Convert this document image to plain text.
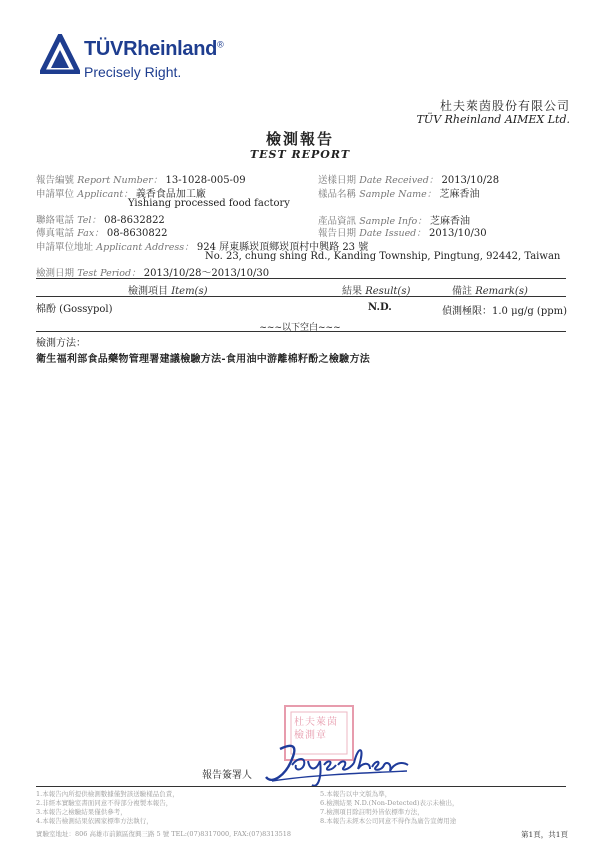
TÜVRheinland®
Precisely Right.
杜夫萊茵股份有限公司
TÜV Rheinland AIMEX Ltd.
檢測報告
TEST REPORT
報告編號 Report Number： 13-1028-005-09	送樣日期 Date Received： 2013/10/28
申請單位 Applicant： 義香食品加工廠	樣品名稱 Sample Name： 芝麻香油
Yishiang processed food factory
聯絡電話 Tel： 08-8632822	產品資訊 Sample Info： 芝麻香油
傳真電話 Fax： 08-8630822	報告日期 Date Issued： 2013/10/30
申請單位地址 Applicant Address： 924 屏東縣崁頂鄉崁頂村中興路 23 號
No. 23, chung shing Rd., Kanding Township, Pingtung, 92442, Taiwan
檢測日期 Test Period： 2013/10/28～2013/10/30
檢測項目 Item(s)	結果 Result(s)	備註 Remark(s)
棉酚 (Gossypol)	N.D.	偵測極限：1.0 μg/g (ppm)
~~~以下空白~~~
檢測方法：
衛生福利部食品藥物管理署建議檢驗方法-食用油中游離棉籽酚之檢驗方法
杜夫萊茵檢測章
報告簽署人
1.本報告內所提供檢測數據僅對該送驗樣品負責，
2.非經本實驗室書面同意不得部分複製本報告，
3.本報告之檢驗結果僅供參考，
4.本報告檢測結果依國家標準方法執行，
5.本報告以中文版為準，
6.檢測結果 N.D.(Non-Detected)表示未檢出，
7.檢測項目除註明外皆依標準方法，
8.本報告未經本公司同意不得作為廣告宣傳用途
實驗室地址：806 高雄市前鎮區復興三路 5 號 TEL:(07)8317000, FAX:(07)8313518	第1頁，共1頁
